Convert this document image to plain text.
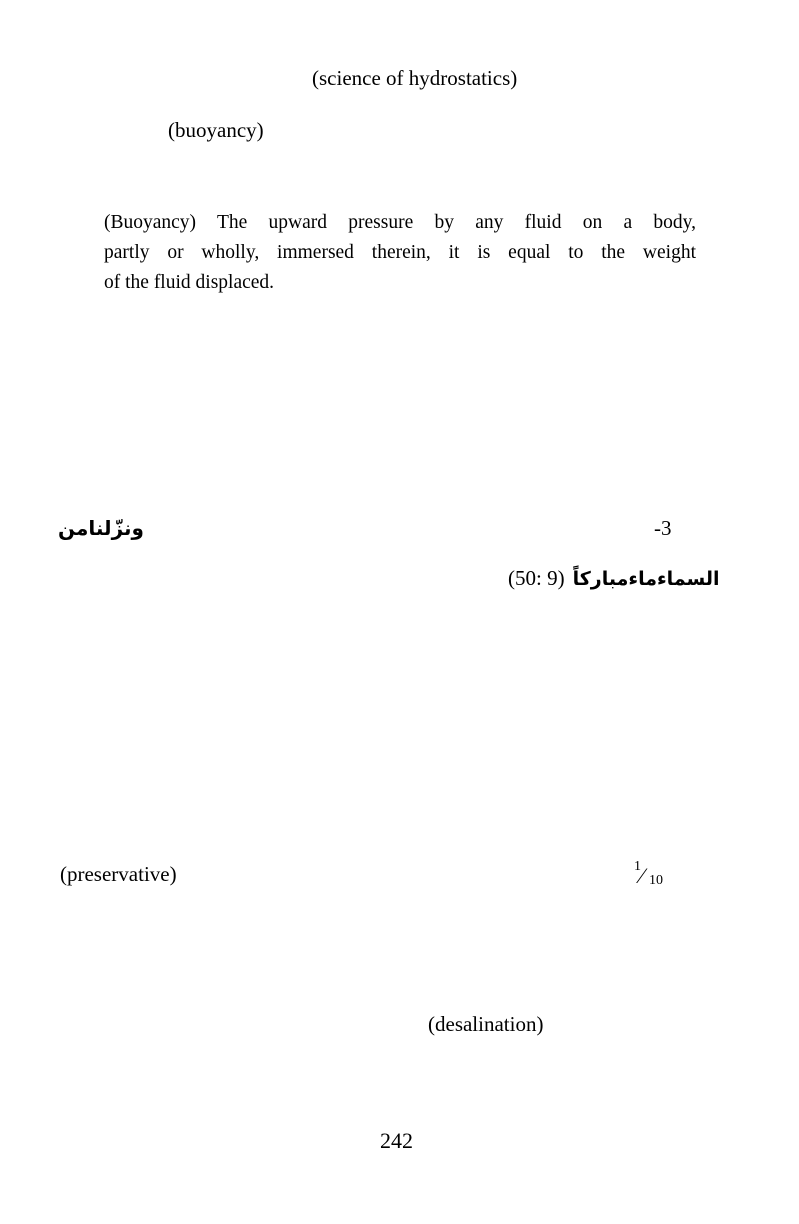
(science of hydrostatics)
(buoyancy)
(Buoyancy) The upward pressure by any fluid on a body,
partly or wholly, immersed therein, it is equal to the weight
of the fluid displaced.
ونزّلنامن	-3
(50: 9) السماءماءمباركاً
(preservative)	1 ⁄ 10
(desalination)
242
